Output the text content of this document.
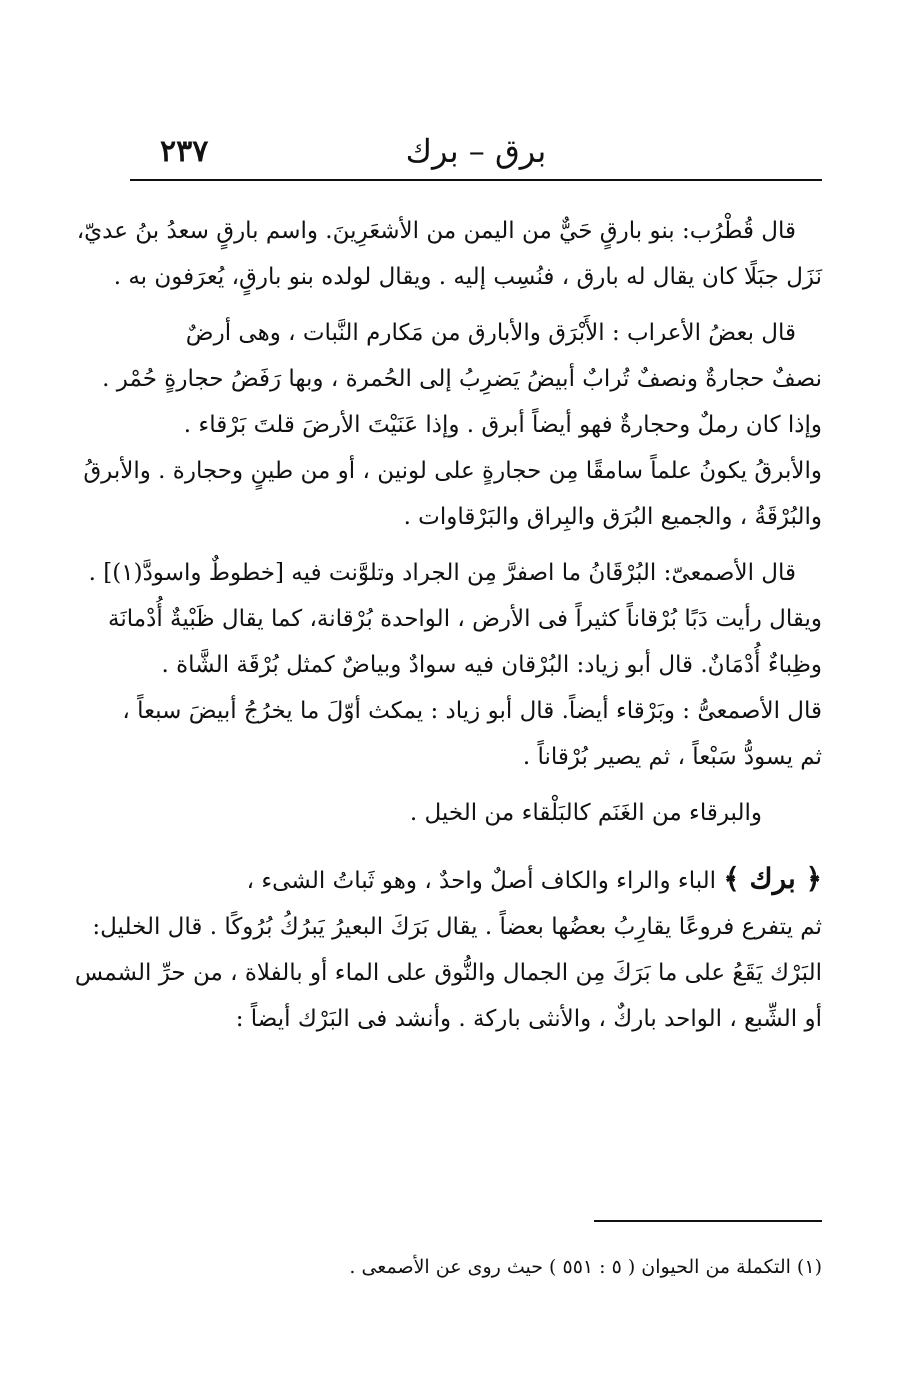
٢٣٧	برق – برك
قال قُطْرُب: بنو بارقٍ حَيٌّ من اليمن من الأشعَرِينَ. واسم بارقٍ سعدُ بنُ عديّ،
نَزَل جبَلًا كان يقال له بارق ، فنُسِب إليه . ويقال لولده بنو بارقٍ، يُعرَفون به .
قال بعضُ الأعراب : الأَبْرَق والأبارق من مَكارم النَّبات ، وهى أرضٌ
نصفٌ حجارةٌ ونصفٌ تُرابٌ أبيضُ يَضرِبُ إلى الحُمرة ، وبها رَفَضُ حجارةٍ حُمْر .
وإذا كان رملٌ وحجارةٌ فهو أيضاً أبرق . وإذا عَنَيْتَ الأرضَ قلتَ بَرْقاء .
والأبرقُ يكونُ علماً سامقًا مِن حجارةٍ على لونين ، أو من طينٍ وحجارة . والأبرقُ
والبُرْقَةُ ، والجميع البُرَق والبِراق والبَرْقاوات .
قال الأصمعىّ: البُرْقَانُ ما اصفرَّ مِن الجراد وتلوَّنت فيه [خطوطٌ واسودَّ(١)] .
ويقال رأيت دَبًا بُرْقاناً كثيراً فى الأرض ، الواحدة بُرْقانة، كما يقال ظَبْيةٌ أُدْمانَة
وظِباءٌ أُدْمَانٌ. قال أبو زياد: البُرْقان فيه سوادٌ وبياضٌ كمثل بُرْقَة الشَّاة .
قال الأصمعىُّ : وبَرْقاء أيضاً. قال أبو زياد : يمكث أوّلَ ما يخرُجُ أبيضَ سبعاً ،
ثم يسودُّ سَبْعاً ، ثم يصير بُرْقاناً .
والبرقاء من الغَنَم كالبَلْقاء من الخيل .
﴿ برك ﴾ الباء والراء والكاف أصلٌ واحدٌ ، وهو ثَباتُ الشىء ،
ثم يتفرع فروعًا يقارِبُ بعضُها بعضاً . يقال بَرَكَ البعيرُ يَبرُكُ بُرُوكًا . قال الخليل:
البَرْك يَقَعُ على ما بَرَكَ مِن الجمال والنُّوق على الماء أو بالفلاة ، من حرِّ الشمس
أو الشِّبع ، الواحد باركٌ ، والأنثى باركة . وأنشد فى البَرْك أيضاً :
(١) التكملة من الحيوان ( ٥ : ٥٥١ ) حيث روى عن الأصمعى .
